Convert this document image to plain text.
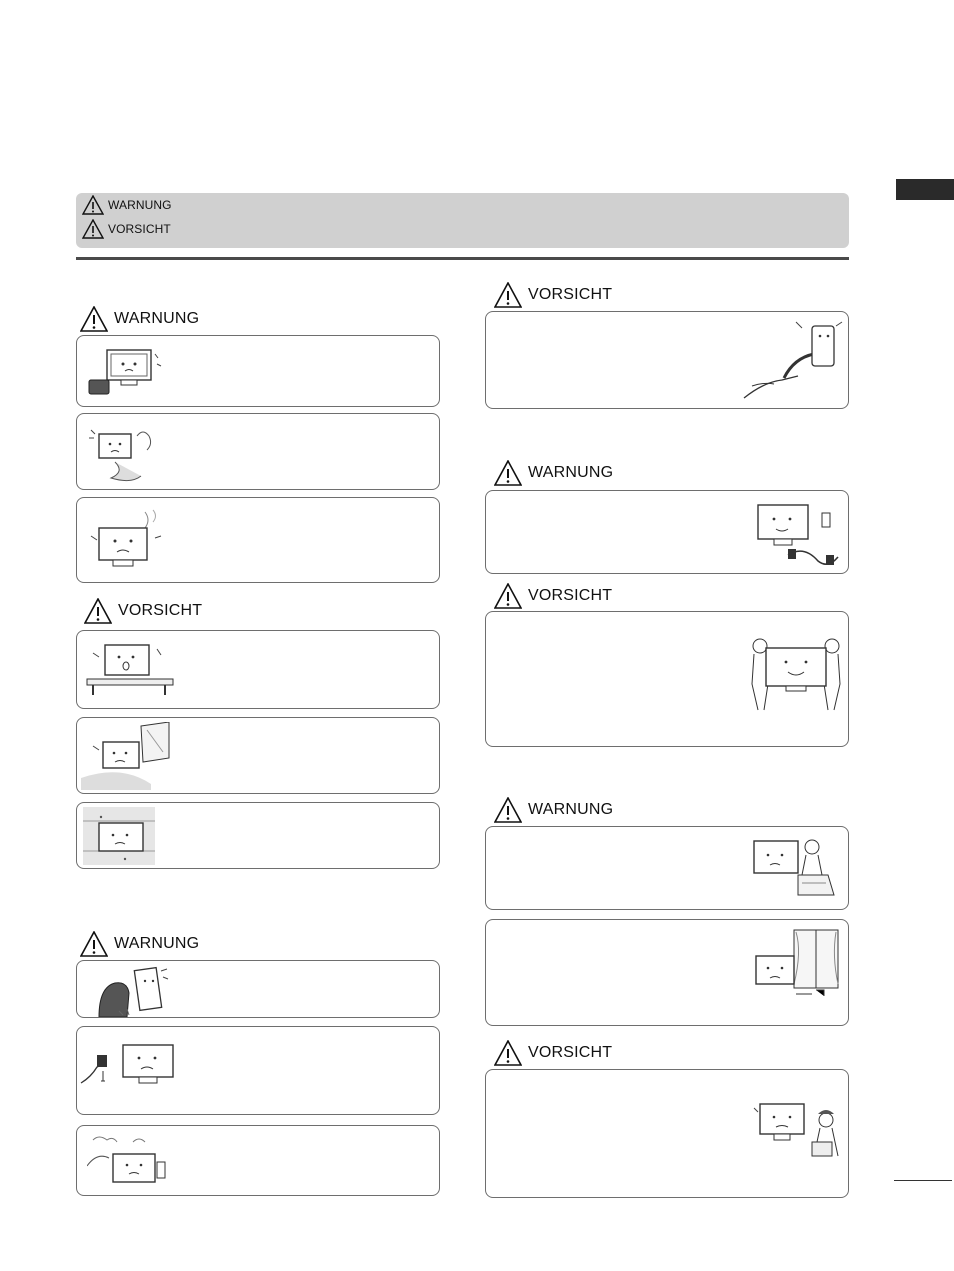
WARNUNG
VORSICHT
WARNUNG
VORSICHT
WARNUNG
VORSICHT
WARNUNG
VORSICHT
WARNUNG
VORSICHT
